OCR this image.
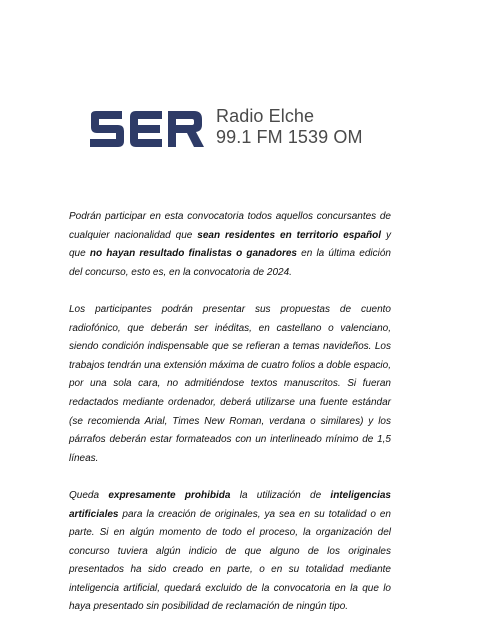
Radio Elche
99.1 FM 1539 OM

Podrán participar en esta convocatoria todos aquellos concursantes de cualquier nacionalidad que sean residentes en territorio español y que no hayan resultado finalistas o ganadores en la última edición del concurso, esto es, en la convocatoria de 2024.

Los participantes podrán presentar sus propuestas de cuento radiofónico, que deberán ser inéditas, en castellano o valenciano, siendo condición indispensable que se refieran a temas navideños. Los trabajos tendrán una extensión máxima de cuatro folios a doble espacio, por una sola cara, no admitiéndose textos manuscritos. Si fueran redactados mediante ordenador, deberá utilizarse una fuente estándar (se recomienda Arial, Times New Roman, verdana o similares) y los párrafos deberán estar formateados con un interlineado mínimo de 1,5 líneas.

Queda expresamente prohibida la utilización de inteligencias artificiales para la creación de originales, ya sea en su totalidad o en parte. Si en algún momento de todo el proceso, la organización del concurso tuviera algún indicio de que alguno de los originales presentados ha sido creado en parte, o en su totalidad mediante inteligencia artificial, quedará excluido de la convocatoria en la que lo haya presentado sin posibilidad de reclamación de ningún tipo.
